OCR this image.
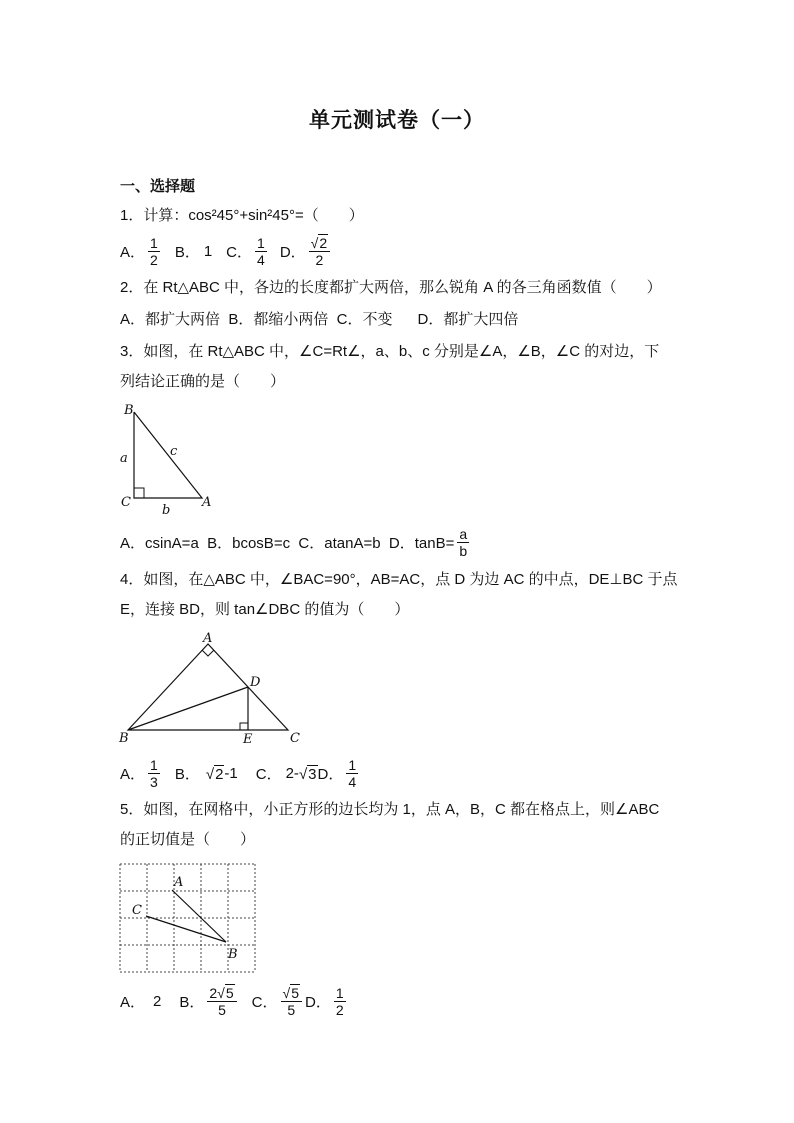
单元测试卷（一）
一、选择题
1．计算：cos²45°+sin²45°=（　　）
A． $\frac{1}{2}$ B． 1 C． $\frac{1}{4}$ D． $\frac{√ 2}{2}$
2．在 Rt△ABC 中，各边的长度都扩大两倍，那么锐角 A 的各三角函数值（　　）
A．都扩大两倍  B．都缩小两倍  C．不变      D．都扩大四倍
3．如图，在 Rt△ABC 中，∠C=Rt∠，a、b、c 分别是∠A，∠B，∠C 的对边，下
列结论正确的是（　　）
B
C	A
a
b
c
A．csinA=a  B．bcosB=c  C．atanA=b  D．$\tan B= \frac{a}{b}$
4．如图，在△ABC 中，∠BAC=90°，AB=AC，点 D 为边 AC 的中点，DE⊥BC 于点
E，连接 BD，则 tan∠DBC 的值为（　　）
A
B	C
D
E
A． $\frac{1}{3}$ B． √ 2 -1 C． 2- √ 3 D． $\frac{1}{4}$
5．如图，在网格中，小正方形的边长均为 1，点 A，B，C 都在格点上，则∠ABC
的正切值是（　　）
A
C
B
A． 2 B． $\frac{2√ 5}{5}$ C． $\frac{√ 5}{5}$ D． $\frac{1}{2}$
